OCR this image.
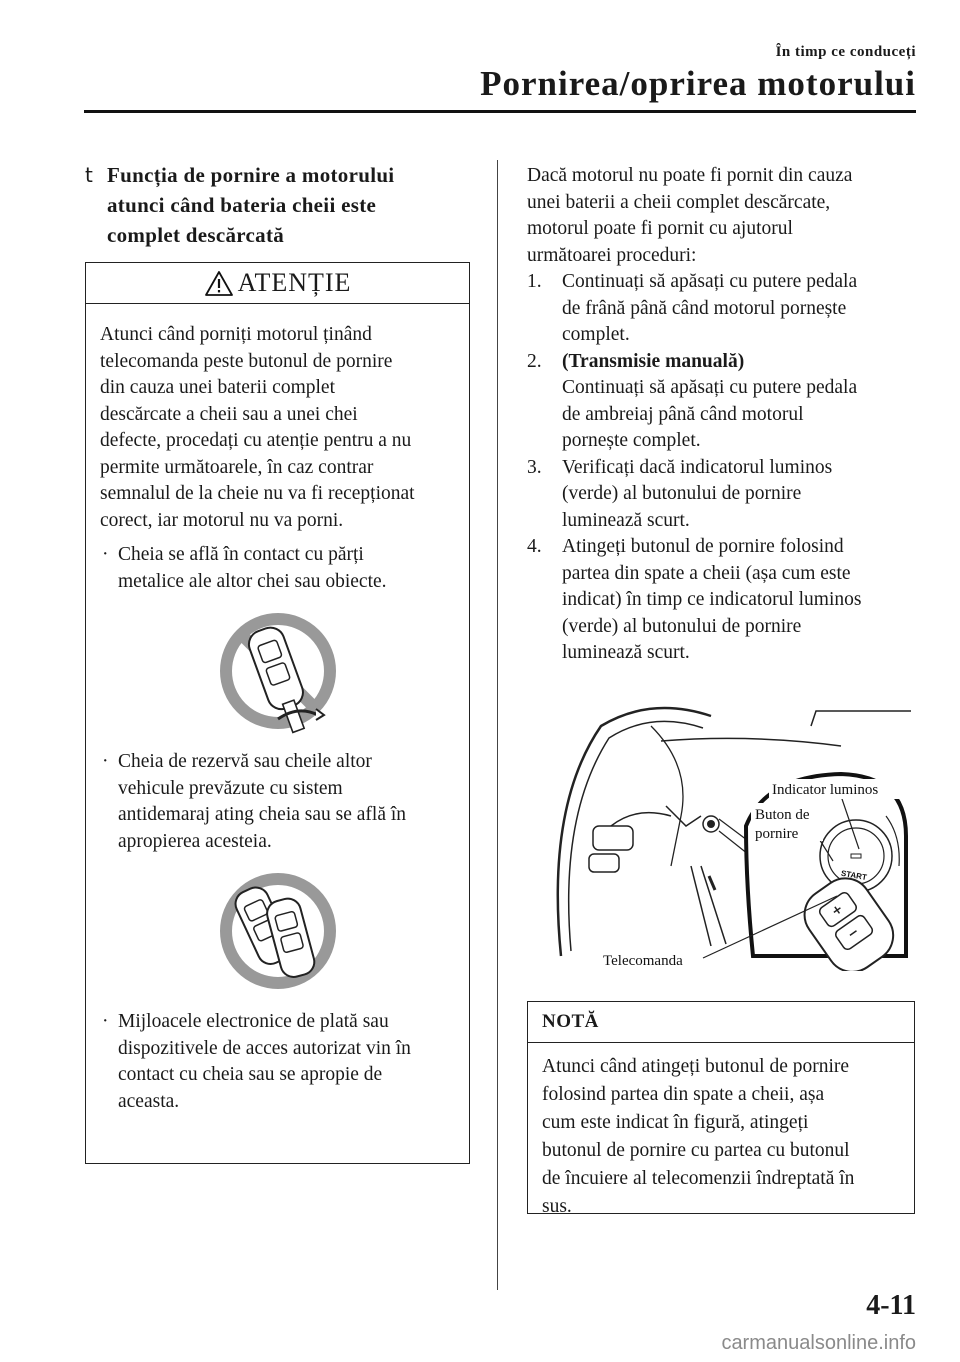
În timp ce conduceți
Pornirea/oprirea motorului
t Funcția de pornire a motorului
atunci când bateria cheii este
complet descărcată
ATENȚIE
Atunci când porniți motorul ținând
telecomanda peste butonul de pornire
din cauza unei baterii complet
descărcate a cheii sau a unei chei
defecte, procedați cu atenție pentru a nu
permite următoarele, în caz contrar
semnalul de la cheie nu va fi recepționat
corect, iar motorul nu va porni.
· Cheia se află în contact cu părți
metalice ale altor chei sau obiecte.
· Cheia de rezervă sau cheile altor
vehicule prevăzute cu sistem
antidemaraj ating cheia sau se află în
apropierea acesteia.
· Mijloacele electronice de plată sau
dispozitivele de acces autorizat vin în
contact cu cheia sau se apropie de
aceasta.
Dacă motorul nu poate fi pornit din cauza
unei baterii a cheii complet descărcate,
motorul poate fi pornit cu ajutorul
următoarei proceduri:
1. Continuați să apăsați cu putere pedala
de frână până când motorul pornește
complet.
2. (Transmisie manuală)
Continuați să apăsați cu putere pedala
de ambreiaj până când motorul
pornește complet.
3. Verificați dacă indicatorul luminos
(verde) al butonului de pornire
luminează scurt.
4. Atingeți butonul de pornire folosind
partea din spate a cheii (așa cum este
indicat) în timp ce indicatorul luminos
(verde) al butonului de pornire
luminează scurt.
START
Indicator luminos
Buton de
pornire
Telecomanda
NOTĂ
Atunci când atingeți butonul de pornire
folosind partea din spate a cheii, așa
cum este indicat în figură, atingeți
butonul de pornire cu partea cu butonul
de încuiere al telecomenzii îndreptată în
sus.
4-11
carmanualsonline.info
